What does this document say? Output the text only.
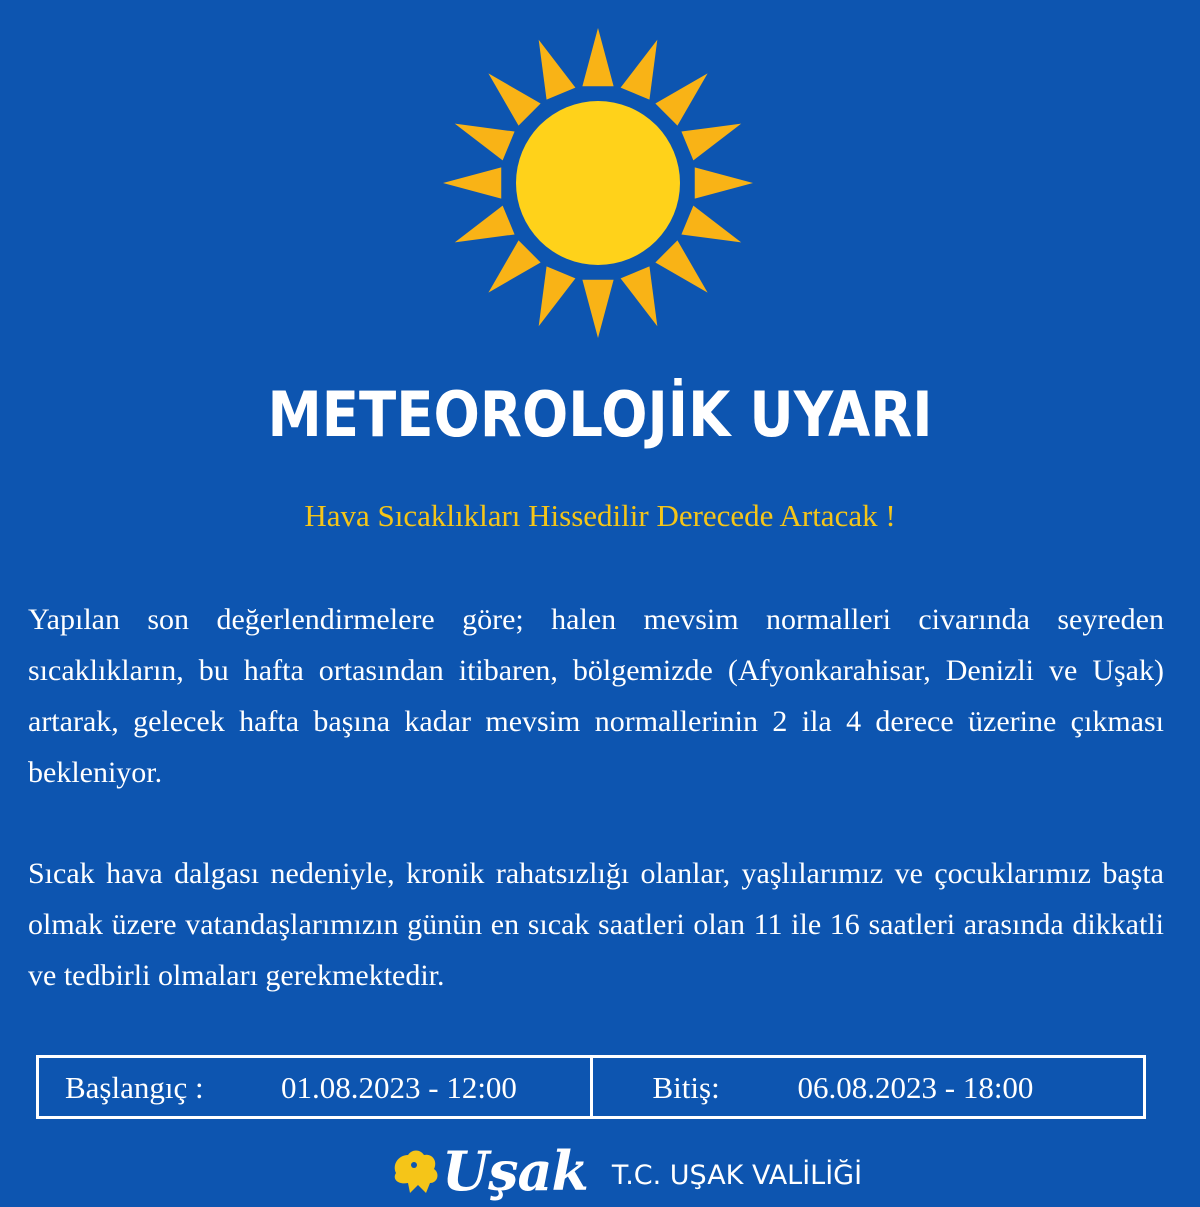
METEOROLOJİK UYARI
Hava Sıcaklıkları Hissedilir Derecede Artacak !
Yapılan son değerlendirmelere göre; halen mevsim normalleri civarında seyreden sıcaklıkların, bu hafta ortasından itibaren, bölgemizde (Afyonkarahisar, Denizli ve Uşak) artarak, gelecek hafta başına kadar mevsim normallerinin 2 ila 4 derece üzerine çıkması bekleniyor.
Sıcak hava dalgası nedeniyle, kronik rahatsızlığı olanlar, yaşlılarımız ve çocuklarımız başta olmak üzere vatandaşlarımızın günün en sıcak saatleri olan 11 ile 16 saatleri arasında dikkatli ve tedbirli olmaları gerekmektedir.
Başlangıç : 01.08.2023 - 12:00	Bitiş:	06.08.2023 - 18:00
Uşak T.C. UŞAK VALİLİĞİ
